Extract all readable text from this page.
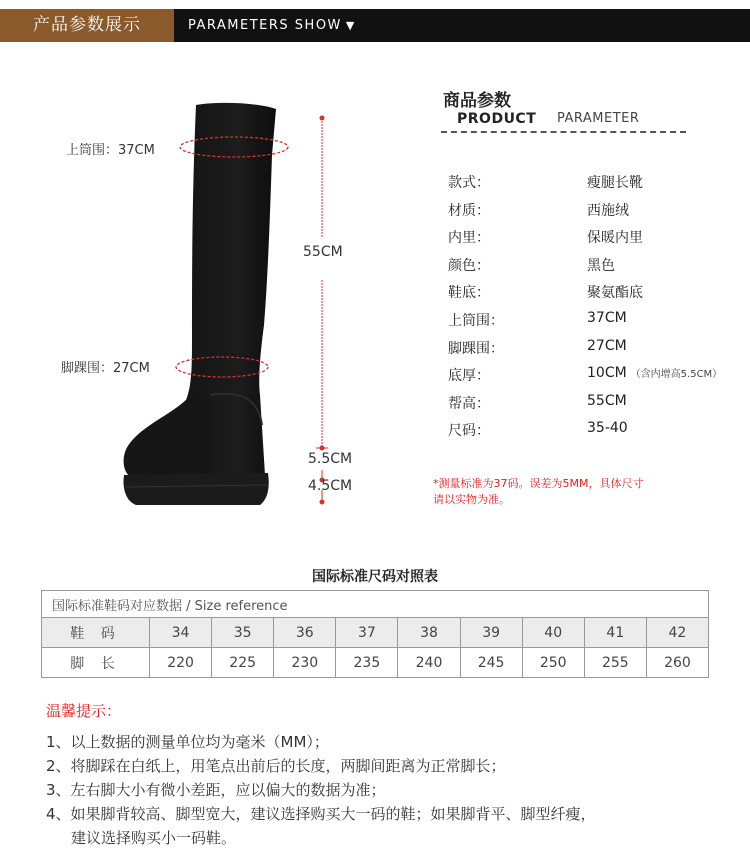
产品参数展示	PARAMETERS SHOW ▼
上筒围：37CM
脚踝围：27CM
55CM
5.5CM
4.5CM
商品参数
PRODUCT PARAMETER
款式：	瘦腿长靴
材质：	西施绒
内里：	保暖内里
颜色：	黑色
鞋底：	聚氨酯底
上筒围：	37CM
脚踝围：	27CM
底厚：	10CM （含内增高5.5CM）
帮高：	55CM
尺码：	35-40
*测量标准为37码。误差为5MM，具体尺寸
请以实物为准。
国际标准尺码对照表
国际标准鞋码对应数据 / Size reference									
鞋 码	34	35	36	37	38	39	40	41	42
脚 长	220	225	230	235	240	245	250	255	260
温馨提示：
1、以上数据的测量单位均为毫米（MM）；
2、将脚踩在白纸上，用笔点出前后的长度，两脚间距离为正常脚长；
3、左右脚大小有微小差距，应以偏大的数据为准；
4、如果脚背较高、脚型宽大，建议选择购买大一码的鞋；如果脚背平、脚型纤瘦，
建议选择购买小一码鞋。
